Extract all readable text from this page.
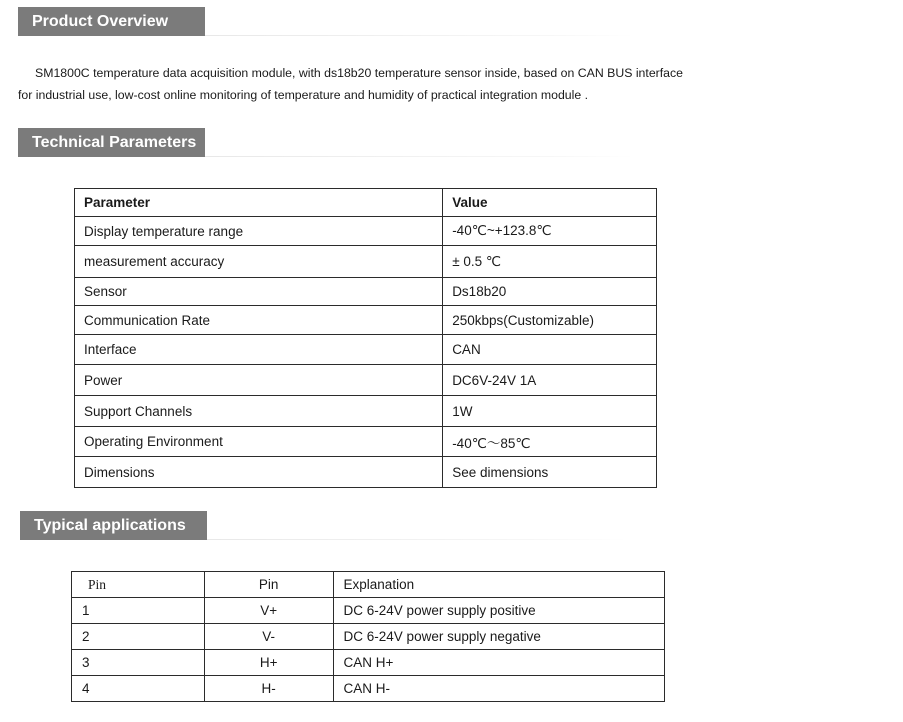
Product Overview

SM1800C temperature data acquisition module, with ds18b20 temperature sensor inside, based on CAN BUS interface

for industrial use, low-cost online monitoring of temperature and humidity of practical integration module .

Technical Parameters
Parameter	Value
Display temperature range	-40℃~+123.8℃
measurement accuracy	± 0.5 ℃
Sensor	Ds18b20
Communication Rate	250kbps(Customizable)
Interface	CAN
Power	DC6V-24V 1A
Support Channels	1W
Operating Environment	-40℃～85℃
Dimensions	See dimensions
Typical applications
Pin	Pin	Explanation
1	V+	DC 6-24V power supply positive
2	V-	DC 6-24V power supply negative
3	H+	CAN H+
4	H-	CAN H-
